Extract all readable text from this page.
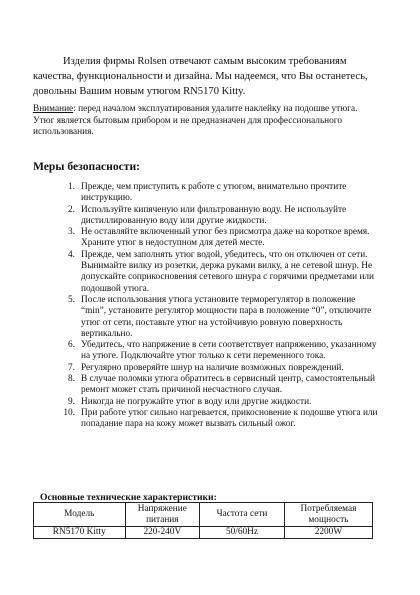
Изделия фирмы Rolsen отвечают самым высоким требованиям качества, функциональности и дизайна. Мы надеемся, что Вы останетесь, довольны Вашим новым утюгом RN5170 Kitty.

Внимание: перед началом эксплуатирования удалите наклейку на подошве утюга.

Утюг является бытовым прибором и не предназначен для профессионального использования.

Меры безопасности:
1. Прежде, чем приступить к работе с утюгом, внимательно прочтите инструкцию.
2. Используйте кипяченую или фильтрованную воду. Не используйте дистиллированную воду или другие жидкости.
3. Не оставляйте включенный утюг без присмотра даже на короткое время. Храните утюг в недоступном для детей месте.
4. Прежде, чем заполнять утюг водой, убедитесь, что он отключен от сети. Вынимайте вилку из розетки, держа руками вилку, а не сетевой шнур. Не допускайте соприкосновения сетевого шнура с горячими предметами или подошвой утюга.
5. После использования утюга установите терморегулятор в положение “min”, установите регулятор мощности пара в положение “0”, отключите утюг от сети, поставьте утюг на устойчивую ровную поверхность вертикально.
6. Убедитесь, что напряжение в сети соответствует напряжению, указанному на утюге. Подключайте утюг только к сети переменного тока.
7. Регулярно проверяйте шнур на наличие возможных повреждений.
8. В случае поломки утюга обратитесь в сервисный центр, самостоятельный ремонт может стать причиной несчастного случая.
9. Никогда не погружайте утюг в воду или другие жидкости.
10. При работе утюг сильно нагревается, прикосновение к подошве утюга или попадание пара на кожу может вызвать сильный ожог.
Основные технические характеристики:
Модель	Напряжение питания	Частота сети	Потребляемая мощность
RN5170 Kitty	220-240V	50/60Hz	2200W
